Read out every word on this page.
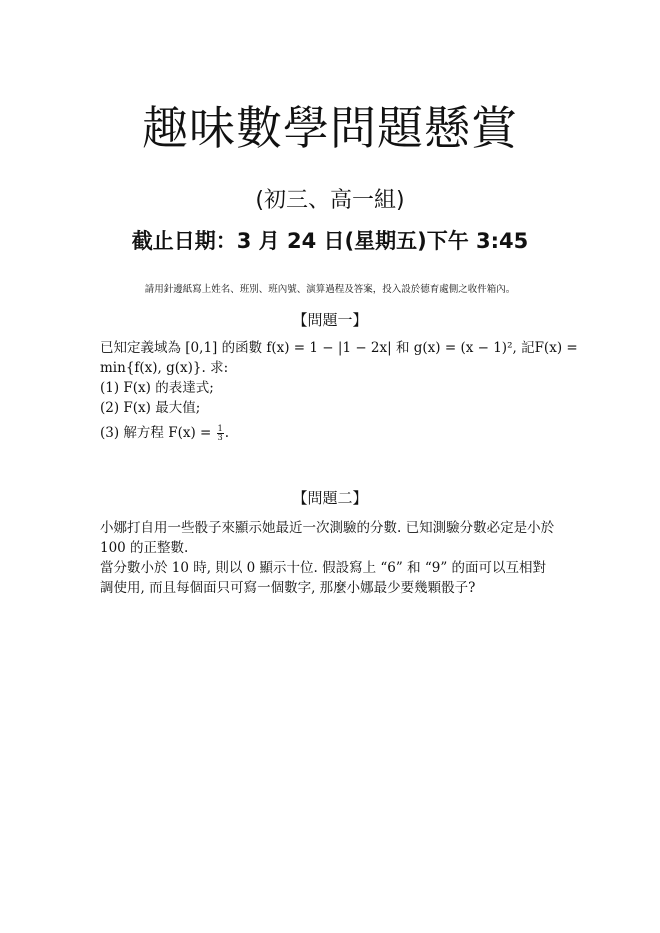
趣味數學問題懸賞
(初三、高一組)
截止日期：3 月 24 日(星期五)下午 3:45
請用針邊紙寫上姓名、班別、班內號、演算過程及答案，投入設於德育處側之收件箱內。
【問題一】
已知定義域為 [0,1] 的函數 f(x) = 1 − |1 − 2x| 和 g(x) = (x − 1)², 記F(x) =
min{f(x), g(x)}. 求:
(1) F(x) 的表達式;
(2) F(x) 最大值;
(3) 解方程 $F(x) = \frac{1}{3}$ .
【問題二】
小娜打自用一些骰子來顯示她最近一次測驗的分數. 已知測驗分數必定是小於
100 的正整數.
當分數小於 10 時, 則以 0 顯示十位. 假設寫上 “6” 和 “9” 的面可以互相對
調使用, 而且每個面只可寫一個數字, 那麼小娜最少要幾顆骰子?
